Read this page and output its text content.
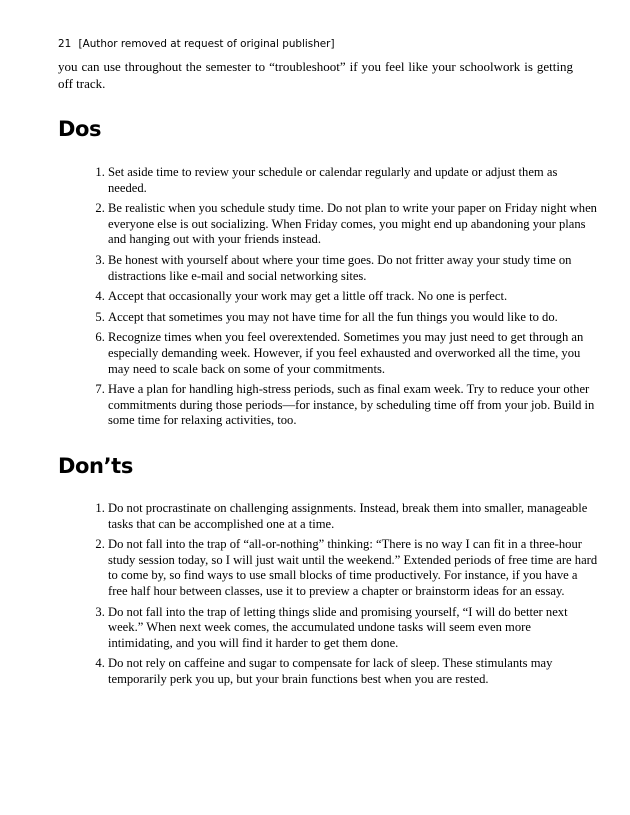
21 [Author removed at request of original publisher]

you can use throughout the semester to “troubleshoot” if you feel like your schoolwork is getting off track.

Dos
1. Set aside time to review your schedule or calendar regularly and update or adjust them as needed.
2. Be realistic when you schedule study time. Do not plan to write your paper on Friday night when everyone else is out socializing. When Friday comes, you might end up abandoning your plans and hanging out with your friends instead.
3. Be honest with yourself about where your time goes. Do not fritter away your study time on distractions like e-mail and social networking sites.
4. Accept that occasionally your work may get a little off track. No one is perfect.
5. Accept that sometimes you may not have time for all the fun things you would like to do.
6. Recognize times when you feel overextended. Sometimes you may just need to get through an especially demanding week. However, if you feel exhausted and overworked all the time, you may need to scale back on some of your commitments.
7. Have a plan for handling high-stress periods, such as final exam week. Try to reduce your other commitments during those periods—for instance, by scheduling time off from your job. Build in some time for relaxing activities, too.
Don’ts
1. Do not procrastinate on challenging assignments. Instead, break them into smaller, manageable tasks that can be accomplished one at a time.
2. Do not fall into the trap of “all-or-nothing” thinking: “There is no way I can fit in a three-hour study session today, so I will just wait until the weekend.” Extended periods of free time are hard to come by, so find ways to use small blocks of time productively. For instance, if you have a free half hour between classes, use it to preview a chapter or brainstorm ideas for an essay.
3. Do not fall into the trap of letting things slide and promising yourself, “I will do better next week.” When next week comes, the accumulated undone tasks will seem even more intimidating, and you will find it harder to get them done.
4. Do not rely on caffeine and sugar to compensate for lack of sleep. These stimulants may temporarily perk you up, but your brain functions best when you are rested.
